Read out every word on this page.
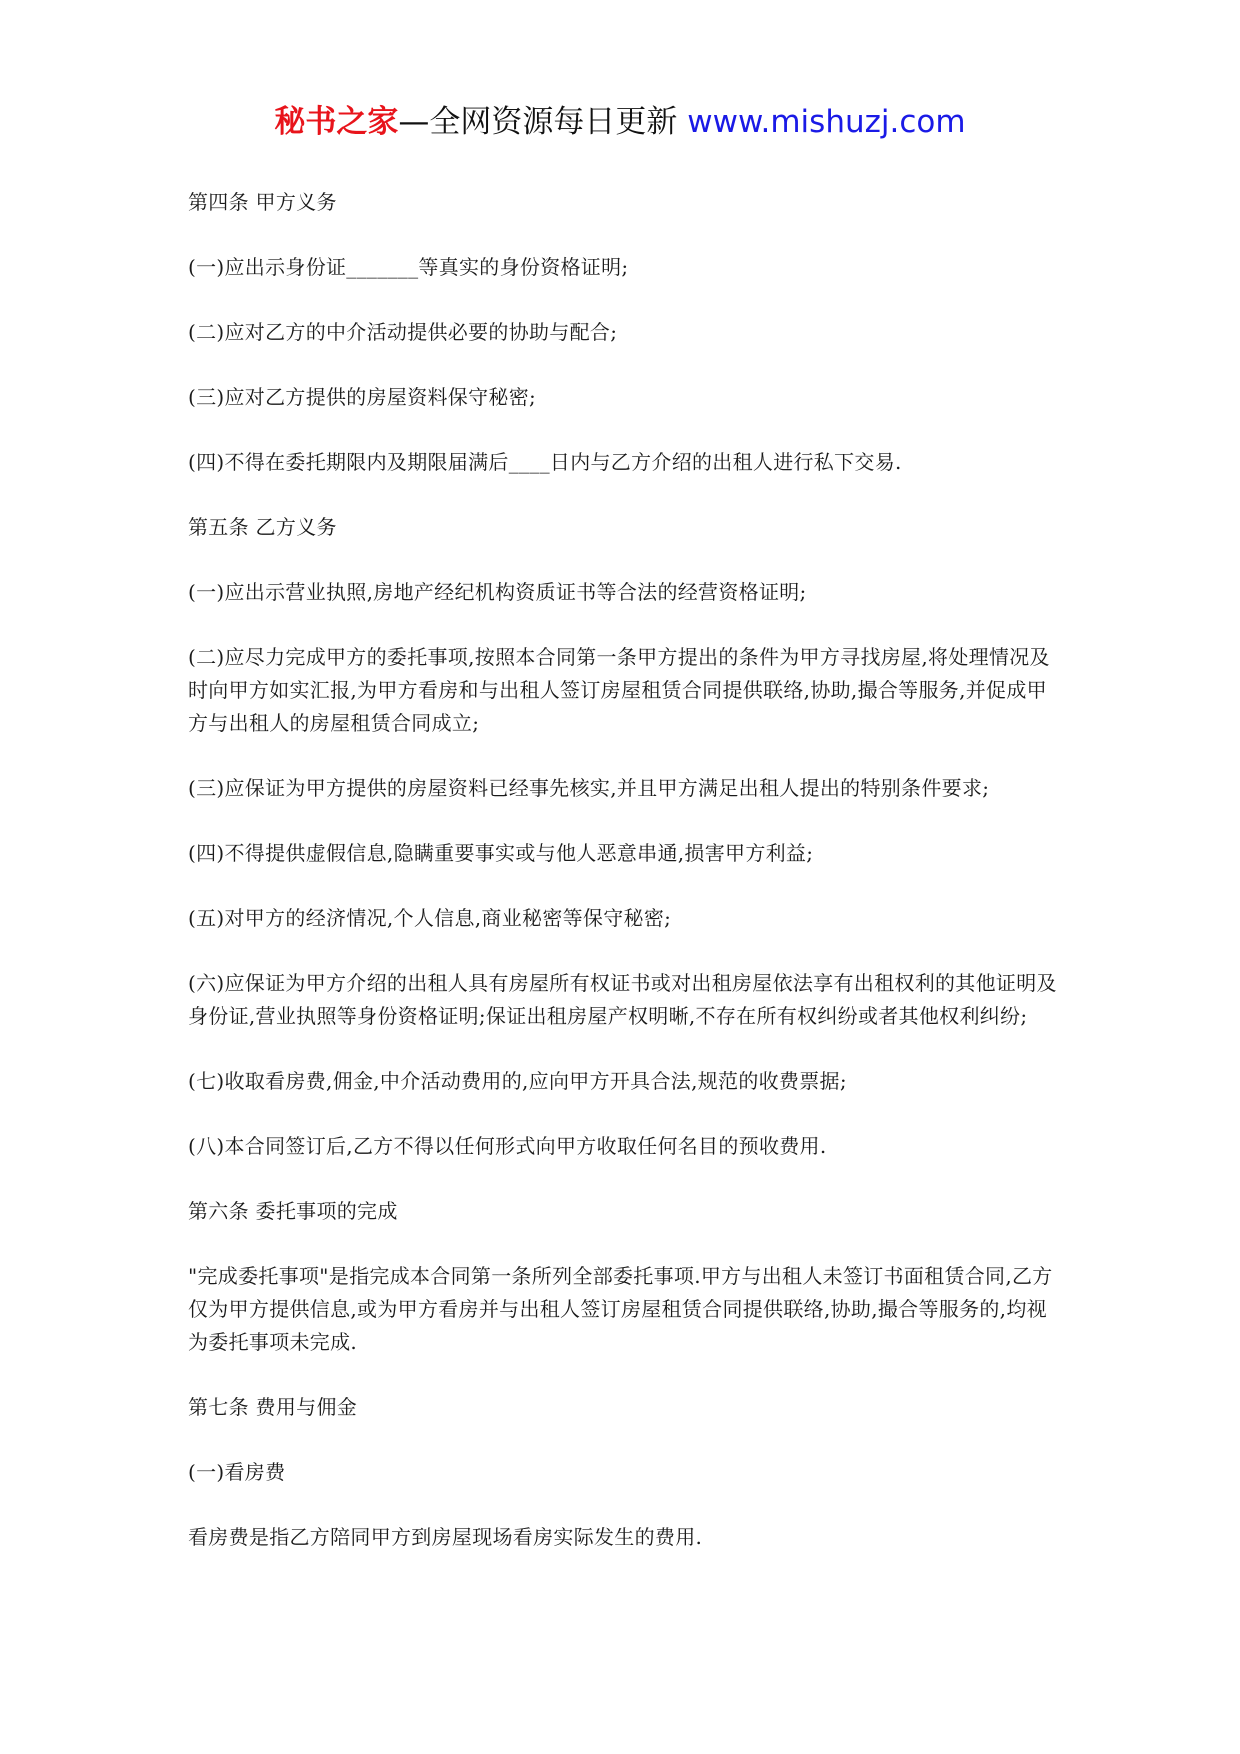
秘书之家—全网资源每日更新 www.mishuzj.com

第四条 甲方义务

(一)应出示身份证_______等真实的身份资格证明;

(二)应对乙方的中介活动提供必要的协助与配合;

(三)应对乙方提供的房屋资料保守秘密;

(四)不得在委托期限内及期限届满后____日内与乙方介绍的出租人进行私下交易.

第五条 乙方义务

(一)应出示营业执照,房地产经纪机构资质证书等合法的经营资格证明;

(二)应尽力完成甲方的委托事项,按照本合同第一条甲方提出的条件为甲方寻找房屋,将处理情况及时向甲方如实汇报,为甲方看房和与出租人签订房屋租赁合同提供联络,协助,撮合等服务,并促成甲方与出租人的房屋租赁合同成立;

(三)应保证为甲方提供的房屋资料已经事先核实,并且甲方满足出租人提出的特别条件要求;

(四)不得提供虚假信息,隐瞒重要事实或与他人恶意串通,损害甲方利益;

(五)对甲方的经济情况,个人信息,商业秘密等保守秘密;

(六)应保证为甲方介绍的出租人具有房屋所有权证书或对出租房屋依法享有出租权利的其他证明及身份证,营业执照等身份资格证明;保证出租房屋产权明晰,不存在所有权纠纷或者其他权利纠纷;

(七)收取看房费,佣金,中介活动费用的,应向甲方开具合法,规范的收费票据;

(八)本合同签订后,乙方不得以任何形式向甲方收取任何名目的预收费用.

第六条 委托事项的完成

"完成委托事项"是指完成本合同第一条所列全部委托事项.甲方与出租人未签订书面租赁合同,乙方仅为甲方提供信息,或为甲方看房并与出租人签订房屋租赁合同提供联络,协助,撮合等服务的,均视为委托事项未完成.

第七条 费用与佣金

(一)看房费

看房费是指乙方陪同甲方到房屋现场看房实际发生的费用.
